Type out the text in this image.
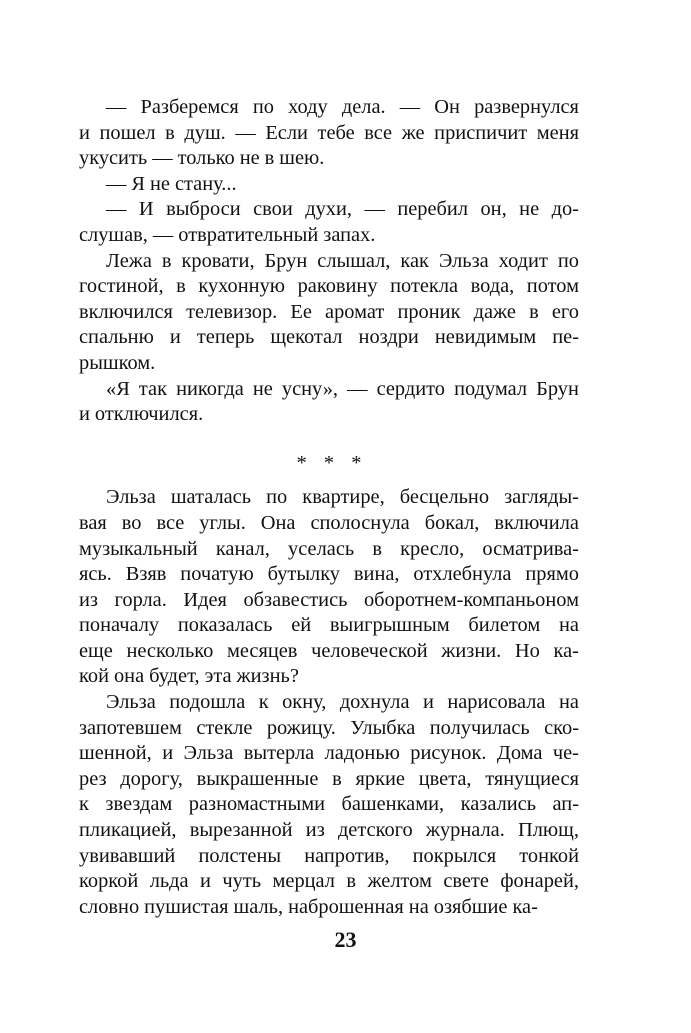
— Разберемся по ходу дела. — Он развернулся
и пошел в душ. — Если тебе все же приспичит меня
укусить — только не в шею.
— Я не стану...
— И выброси свои духи, — перебил он, не до-
слушав, — отвратительный запах.
Лежа в кровати, Брун слышал, как Эльза ходит по
гостиной, в кухонную раковину потекла вода, потом
включился телевизор. Ее аромат проник даже в его
спальню и теперь щекотал ноздри невидимым пе-
рышком.
«Я так никогда не усну», — сердито подумал Брун
и отключился.
* * *
Эльза шаталась по квартире, бесцельно загляды-
вая во все углы. Она сполоснула бокал, включила
музыкальный канал, уселась в кресло, осматрива-
ясь. Взяв початую бутылку вина, отхлебнула прямо
из горла. Идея обзавестись оборотнем-компаньоном
поначалу показалась ей выигрышным билетом на
еще несколько месяцев человеческой жизни. Но ка-
кой она будет, эта жизнь?
Эльза подошла к окну, дохнула и нарисовала на
запотевшем стекле рожицу. Улыбка получилась ско-
шенной, и Эльза вытерла ладонью рисунок. Дома че-
рез дорогу, выкрашенные в яркие цвета, тянущиеся
к звездам разномастными башенками, казались ап-
пликацией, вырезанной из детского журнала. Плющ,
увивавший полстены напротив, покрылся тонкой
коркой льда и чуть мерцал в желтом свете фонарей,
словно пушистая шаль, наброшенная на озябшие ка-
23
